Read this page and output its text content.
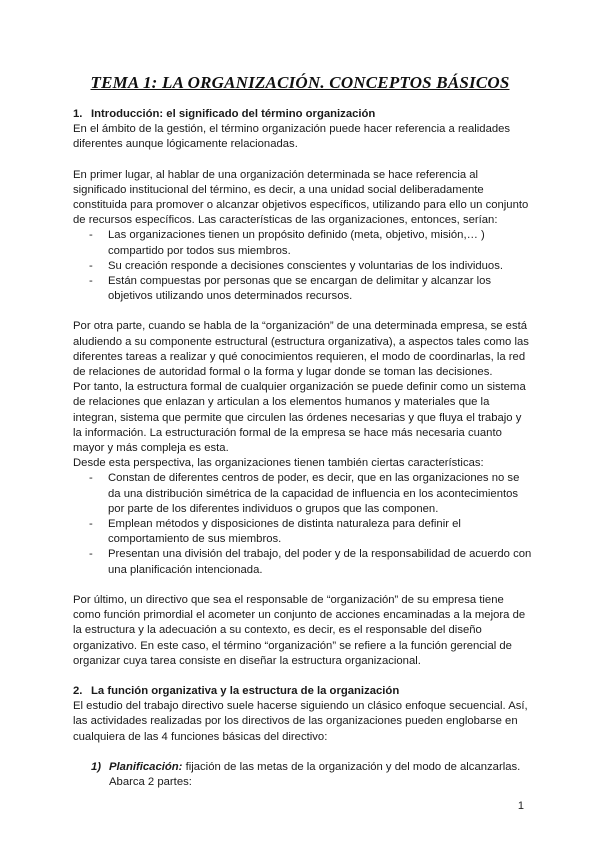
TEMA 1: LA ORGANIZACIÓN. CONCEPTOS BÁSICOS

1. Introducción: el significado del término organización

En el ámbito de la gestión, el término organización puede hacer referencia a realidades diferentes aunque lógicamente relacionadas.

En primer lugar, al hablar de una organización determinada se hace referencia al significado institucional del término, es decir, a una unidad social deliberadamente constituida para promover o alcanzar objetivos específicos, utilizando para ello un conjunto de recursos específicos. Las características de las organizaciones, entonces, serían:

- Las organizaciones tienen un propósito definido (meta, objetivo, misión,… ) compartido por todos sus miembros.
- Su creación responde a decisiones conscientes y voluntarias de los individuos.
- Están compuestas por personas que se encargan de delimitar y alcanzar los objetivos utilizando unos determinados recursos.

Por otra parte, cuando se habla de la “organización” de una determinada empresa, se está aludiendo a su componente estructural (estructura organizativa), a aspectos tales como las diferentes tareas a realizar y qué conocimientos requieren, el modo de coordinarlas, la red de relaciones de autoridad formal o la forma y lugar donde se toman las decisiones.

Por tanto, la estructura formal de cualquier organización se puede definir como un sistema de relaciones que enlazan y articulan a los elementos humanos y materiales que la integran, sistema que permite que circulen las órdenes necesarias y que fluya el trabajo y la información. La estructuración formal de la empresa se hace más necesaria cuanto mayor y más compleja es esta.

Desde esta perspectiva, las organizaciones tienen también ciertas características:

- Constan de diferentes centros de poder, es decir, que en las organizaciones no se da una distribución simétrica de la capacidad de influencia en los acontecimientos por parte de los diferentes individuos o grupos que las componen.
- Emplean métodos y disposiciones de distinta naturaleza para definir el comportamiento de sus miembros.
- Presentan una división del trabajo, del poder y de la responsabilidad de acuerdo con una planificación intencionada.

Por último, un directivo que sea el responsable de “organización” de su empresa tiene como función primordial el acometer un conjunto de acciones encaminadas a la mejora de la estructura y la adecuación a su contexto, es decir, es el responsable del diseño organizativo. En este caso, el término “organización” se refiere a la función gerencial de organizar cuya tarea consiste en diseñar la estructura organizacional.

2. La función organizativa y la estructura de la organización

El estudio del trabajo directivo suele hacerse siguiendo un clásico enfoque secuencial. Así, las actividades realizadas por los directivos de las organizaciones pueden englobarse en cualquiera de las 4 funciones básicas del directivo:

1) Planificación: fijación de las metas de la organización y del modo de alcanzarlas. Abarca 2 partes:
1
